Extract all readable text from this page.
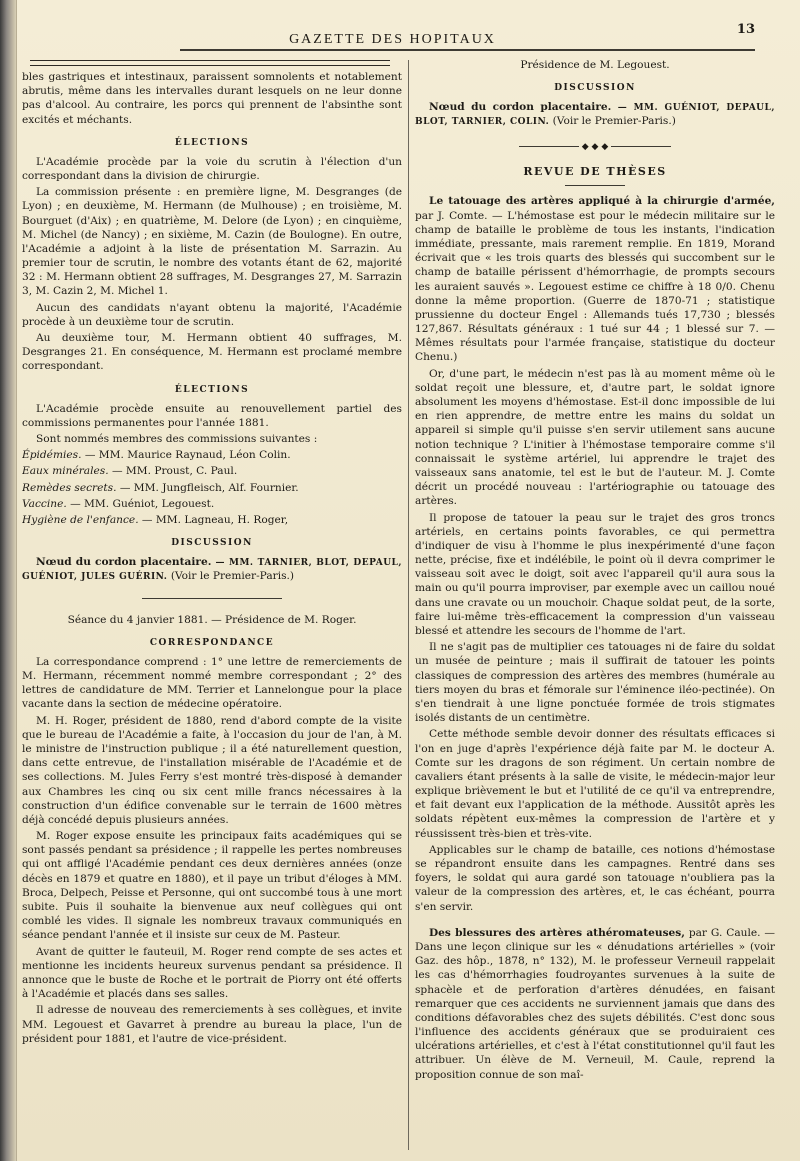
GAZETTE DES HOPITAUX
13

bles gastriques et intestinaux, paraissent somnolents et notablement abrutis, même dans les intervalles durant lesquels on ne leur donne pas d'alcool. Au contraire, les porcs qui prennent de l'absinthe sont excités et méchants.

ÉLECTIONS

L'Académie procède par la voie du scrutin à l'élection d'un correspondant dans la division de chirurgie.

La commission présente : en première ligne, M. Desgranges (de Lyon) ; en deuxième, M. Hermann (de Mulhouse) ; en troisième, M. Bourguet (d'Aix) ; en quatrième, M. Delore (de Lyon) ; en cinquième, M. Michel (de Nancy) ; en sixième, M. Cazin (de Boulogne). En outre, l'Académie a adjoint à la liste de présentation M. Sarrazin. Au premier tour de scrutin, le nombre des votants étant de 62, majorité 32 : M. Hermann obtient 28 suffrages, M. Desgranges 27, M. Sarrazin 3, M. Cazin 2, M. Michel 1.

Aucun des candidats n'ayant obtenu la majorité, l'Académie procède à un deuxième tour de scrutin.

Au deuxième tour, M. Hermann obtient 40 suffrages, M. Desgranges 21. En conséquence, M. Hermann est proclamé membre correspondant.

ÉLECTIONS

L'Académie procède ensuite au renouvellement partiel des commissions permanentes pour l'année 1881.

Sont nommés membres des commissions suivantes :

Épidémies. — MM. Maurice Raynaud, Léon Colin.

Eaux minérales. — MM. Proust, C. Paul.

Remèdes secrets. — MM. Jungfleisch, Alf. Fournier.

Vaccine. — MM. Guéniot, Legouest.

Hygiène de l'enfance. — MM. Lagneau, H. Roger,

DISCUSSION

Nœud du cordon placentaire. — MM. TARNIER, BLOT, DEPAUL, GUÉNIOT, JULES GUÉRIN. (Voir le Premier-Paris.)

Séance du 4 janvier 1881. — Présidence de M. Roger.

CORRESPONDANCE

La correspondance comprend : 1° une lettre de remerciements de M. Hermann, récemment nommé membre correspondant ; 2° des lettres de candidature de MM. Terrier et Lannelongue pour la place vacante dans la section de médecine opératoire.

M. H. Roger, président de 1880, rend d'abord compte de la visite que le bureau de l'Académie a faite, à l'occasion du jour de l'an, à M. le ministre de l'instruction publique ; il a été naturellement question, dans cette entrevue, de l'installation misérable de l'Académie et de ses collections. M. Jules Ferry s'est montré très-disposé à demander aux Chambres les cinq ou six cent mille francs nécessaires à la construction d'un édifice convenable sur le terrain de 1600 mètres déjà concédé depuis plusieurs années.

M. Roger expose ensuite les principaux faits académiques qui se sont passés pendant sa présidence ; il rappelle les pertes nombreuses qui ont affligé l'Académie pendant ces deux dernières années (onze décès en 1879 et quatre en 1880), et il paye un tribut d'éloges à MM. Broca, Delpech, Peisse et Personne, qui ont succombé tous à une mort subite. Puis il souhaite la bienvenue aux neuf collègues qui ont comblé les vides. Il signale les nombreux travaux communiqués en séance pendant l'année et il insiste sur ceux de M. Pasteur.

Avant de quitter le fauteuil, M. Roger rend compte de ses actes et mentionne les incidents heureux survenus pendant sa présidence. Il annonce que le buste de Roche et le portrait de Piorry ont été offerts à l'Académie et placés dans ses salles.

Il adresse de nouveau des remerciements à ses collègues, et invite MM. Legouest et Gavarret à prendre au bureau la place, l'un de président pour 1881, et l'autre de vice-président.

Présidence de M. Legouest.

DISCUSSION

Nœud du cordon placentaire. — MM. GUÉNIOT, DEPAUL, BLOT, TARNIER, COLIN. (Voir le Premier-Paris.)

◆ ◆ ◆
REVUE DE THÈSES

Le tatouage des artères appliqué à la chirurgie d'armée, par J. Comte. — L'hémostase est pour le médecin militaire sur le champ de bataille le problème de tous les instants, l'indication immédiate, pressante, mais rarement remplie. En 1819, Morand écrivait que « les trois quarts des blessés qui succombent sur le champ de bataille périssent d'hémorrhagie, de prompts secours les auraient sauvés ». Legouest estime ce chiffre à 18 0/0. Chenu donne la même proportion. (Guerre de 1870-71 ; statistique prussienne du docteur Engel : Allemands tués 17,730 ; blessés 127,867. Résultats généraux : 1 tué sur 44 ; 1 blessé sur 7. — Mêmes résultats pour l'armée française, statistique du docteur Chenu.)

Or, d'une part, le médecin n'est pas là au moment même où le soldat reçoit une blessure, et, d'autre part, le soldat ignore absolument les moyens d'hémostase. Est-il donc impossible de lui en rien apprendre, de mettre entre les mains du soldat un appareil si simple qu'il puisse s'en servir utilement sans aucune notion technique ? L'initier à l'hémostase temporaire comme s'il connaissait le système artériel, lui apprendre le trajet des vaisseaux sans anatomie, tel est le but de l'auteur. M. J. Comte décrit un procédé nouveau : l'artériographie ou tatouage des artères.

Il propose de tatouer la peau sur le trajet des gros troncs artériels, en certains points favorables, ce qui permettra d'indiquer de visu à l'homme le plus inexpérimenté d'une façon nette, précise, fixe et indélébile, le point où il devra comprimer le vaisseau soit avec le doigt, soit avec l'appareil qu'il aura sous la main ou qu'il pourra improviser, par exemple avec un caillou noué dans une cravate ou un mouchoir. Chaque soldat peut, de la sorte, faire lui-même très-efficacement la compression d'un vaisseau blessé et attendre les secours de l'homme de l'art.

Il ne s'agit pas de multiplier ces tatouages ni de faire du soldat un musée de peinture ; mais il suffirait de tatouer les points classiques de compression des artères des membres (humérale au tiers moyen du bras et fémorale sur l'éminence iléo-pectinée). On s'en tiendrait à une ligne ponctuée formée de trois stigmates isolés distants de un centimètre.

Cette méthode semble devoir donner des résultats efficaces si l'on en juge d'après l'expérience déjà faite par M. le docteur A. Comte sur les dragons de son régiment. Un certain nombre de cavaliers étant présents à la salle de visite, le médecin-major leur explique brièvement le but et l'utilité de ce qu'il va entreprendre, et fait devant eux l'application de la méthode. Aussitôt après les soldats répètent eux-mêmes la compression de l'artère et y réussissent très-bien et très-vite.

Applicables sur le champ de bataille, ces notions d'hémostase se répandront ensuite dans les campagnes. Rentré dans ses foyers, le soldat qui aura gardé son tatouage n'oubliera pas la valeur de la compression des artères, et, le cas échéant, pourra s'en servir.

Des blessures des artères athéromateuses, par G. Caule. — Dans une leçon clinique sur les « dénudations artérielles » (voir Gaz. des hôp., 1878, n° 132), M. le professeur Verneuil rappelait les cas d'hémorrhagies foudroyantes survenues à la suite de sphacèle et de perforation d'artères dénudées, en faisant remarquer que ces accidents ne surviennent jamais que dans des conditions défavorables chez des sujets débilités. C'est donc sous l'influence des accidents généraux que se produiraient ces ulcérations artérielles, et c'est à l'état constitutionnel qu'il faut les attribuer. Un élève de M. Verneuil, M. Caule, reprend la proposition connue de son maî-
